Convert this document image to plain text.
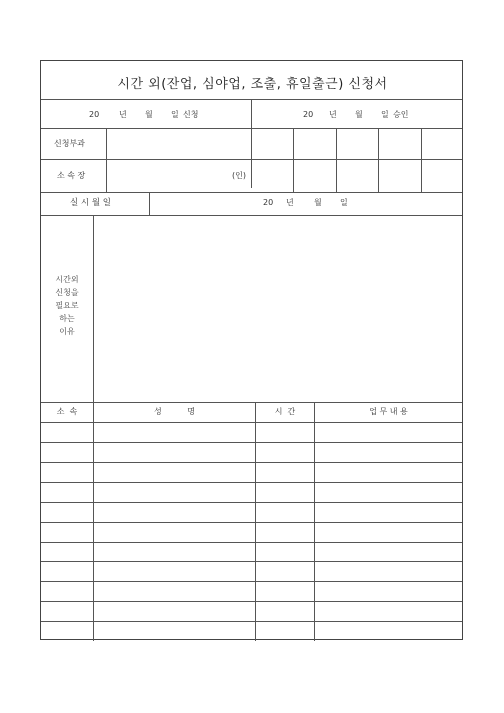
시간 외(잔업, 심야업, 조출, 휴일출근) 신청서
20 년 월 일 신청	20 년 월 일 승인
신청부과
소 속 장	(인)
실 시 월 일	20 년	월 일
시간외
신청을
필요로
하는
이유
소  속	성          명	시  간	업 무 내 용
